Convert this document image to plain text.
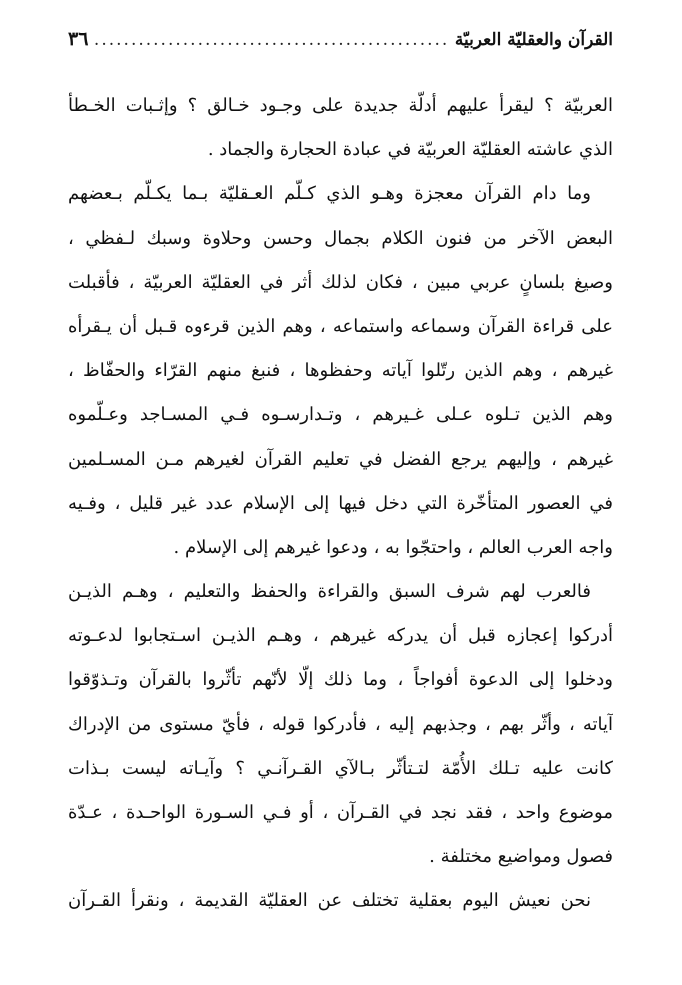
القرآن والعقليّة العربيّة
................................................
٣٦
العربيّة ؟ ليقرأ عليهم أدلّة جديدة على وجـود خـالق ؟ وإثـبات الخـطأ
الذي عاشته العقليّة العربيّة في عبادة الحجارة والجماد .
وما دام القرآن معجزة وهـو الذي كـلّم العـقليّة بـما يكـلّم بـعضهم
البعض الآخر من فنون الكلام بجمال وحسن وحلاوة وسبك لـفظي ،
وصيغ بلسانٍ عربي مبين ، فكان لذلك أثر في العقليّة العربيّة ، فأقبلت
على قراءة القرآن وسماعه واستماعه ، وهم الذين قرءوه قـبل أن يـقرأه
غيرهم ، وهم الذين رتّلوا آياته وحفظوها ، فنبغ منهم القرّاء والحفّاظ ،
وهم الذين تـلوه عـلى غـيرهم ، وتـدارسـوه فـي المسـاجد وعـلّموه
غيرهم ، وإليهم يرجع الفضل في تعليم القرآن لغيرهم مـن المسـلمين
في العصور المتأخّرة التي دخل فيها إلى الإسلام عدد غير قليل ، وفـيه
واجه العرب العالم ، واحتجّوا به ، ودعوا غيرهم إلى الإسلام .
فالعرب لهم شرف السبق والقراءة والحفظ والتعليم ، وهـم الذيـن
أدركوا إعجازه قبل أن يدركه غيرهم ، وهـم الذيـن اسـتجابوا لدعـوته
ودخلوا إلى الدعوة أفواجاً ، وما ذلك إلّا لأنّهم تأثّروا بالقرآن وتـذوّقوا
آياته ، وأثّر بهم ، وجذبهم إليه ، فأدركوا قوله ، فأيّ مستوى من الإدراك
كانت عليه تـلك الأُمّة لتـتأثّر بـالآي القـرآنـي ؟ وآيـاته ليست بـذات
موضوع واحد ، فقد نجد في القـرآن ، أو فـي السـورة الواحـدة ، عـدّة
فصول ومواضيع مختلفة .
نحن نعيش اليوم بعقلية تختلف عن العقليّة القديمة ، ونقرأ القـرآن
